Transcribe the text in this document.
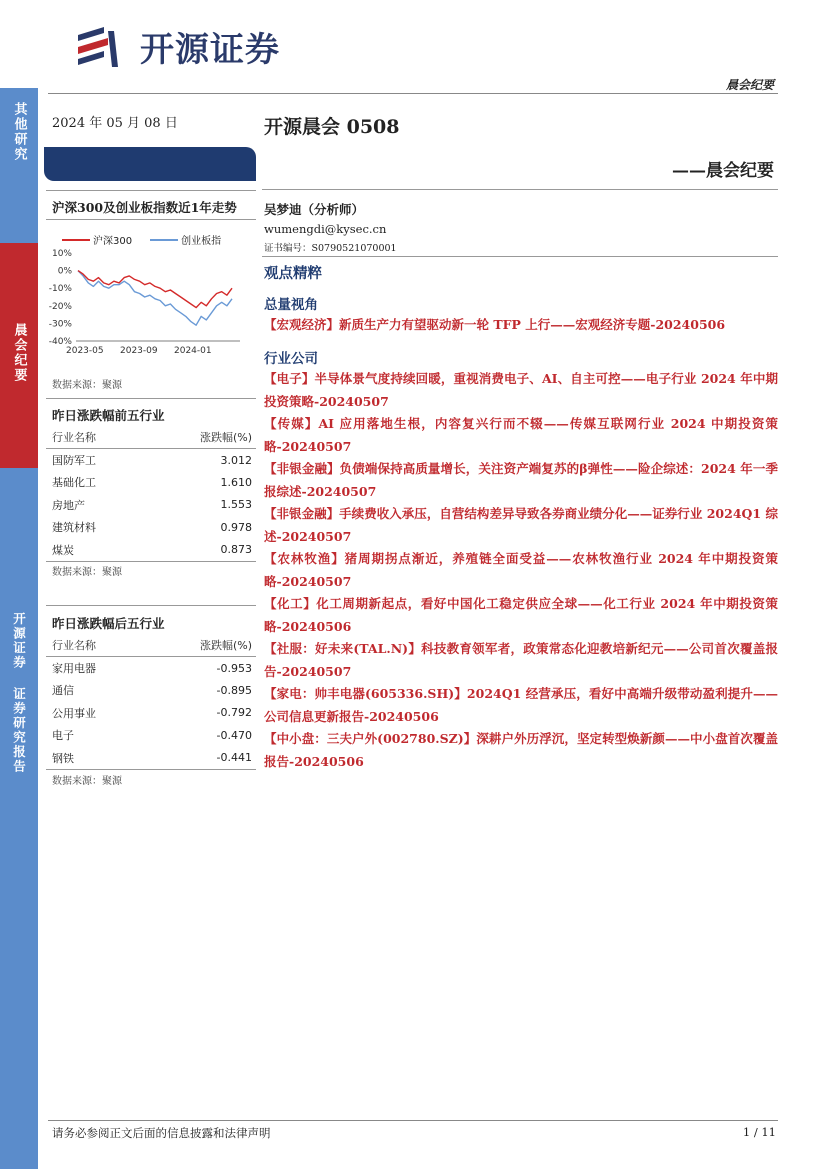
其他研究
晨会纪要
开源证券 证券研究报告
开源证券
晨会纪要
2024 年 05 月 08 日
沪深300及创业板指数近1年走势
沪深300	创业板指
10%
0%
-10%
-20%
-30%
-40%
2023-05 2023-09 2024-01
数据来源：聚源
昨日涨跌幅前五行业
行业名称	涨跌幅(%)
国防军工	3.012
基础化工	1.610
房地产	1.553
建筑材料	0.978
煤炭	0.873
数据来源：聚源
昨日涨跌幅后五行业
行业名称	涨跌幅(%)
家用电器	-0.953
通信	-0.895
公用事业	-0.792
电子	-0.470
钢铁	-0.441
数据来源：聚源
开源晨会 0508
——晨会纪要
吴梦迪（分析师）
wumengdi@kysec.cn
证书编号：S0790521070001
观点精粹
总量视角

【宏观经济】新质生产力有望驱动新一轮 TFP 上行——宏观经济专题-20240506

行业公司

【电子】半导体景气度持续回暖，重视消费电子、AI、自主可控——电子行业 2024 年中期投资策略-20240507

【传媒】AI 应用落地生根，内容复兴行而不辍——传媒互联网行业 2024 中期投资策略-20240507

【非银金融】负债端保持高质量增长，关注资产端复苏的β弹性——险企综述：2024 年一季报综述-20240507

【非银金融】手续费收入承压，自营结构差异导致各券商业绩分化——证券行业 2024Q1 综述-20240507

【农林牧渔】猪周期拐点渐近，养殖链全面受益——农林牧渔行业 2024 年中期投资策略-20240507

【化工】化工周期新起点，看好中国化工稳定供应全球——化工行业 2024 年中期投资策略-20240506

【社服：好未来(TAL.N)】科技教育领军者，政策常态化迎教培新纪元——公司首次覆盖报告-20240507

【家电：帅丰电器(605336.SH)】2024Q1 经营承压，看好中高端升级带动盈利提升——公司信息更新报告-20240506

【中小盘：三夫户外(002780.SZ)】深耕户外历浮沉，坚定转型焕新颜——中小盘首次覆盖报告-20240506

请务必参阅正文后面的信息披露和法律声明	1 / 11
